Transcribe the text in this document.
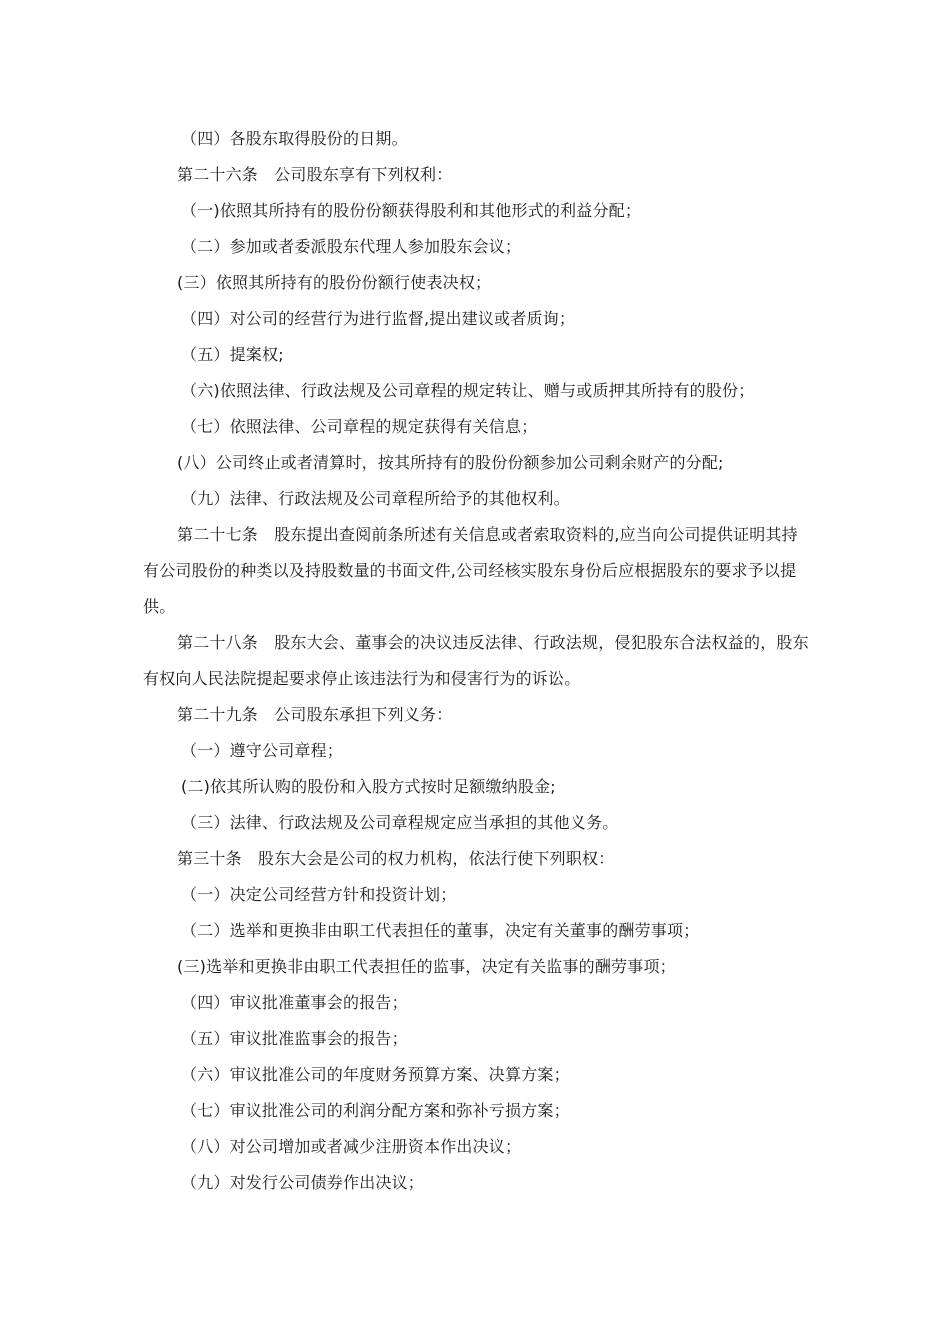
（四）各股东取得股份的日期。
第二十六条　公司股东享有下列权利：
（一)依照其所持有的股份份额获得股利和其他形式的利益分配；
（二）参加或者委派股东代理人参加股东会议；
(三）依照其所持有的股份份额行使表决权；
（四）对公司的经营行为进行监督,提出建议或者质询；
（五）提案权;
（六)依照法律、行政法规及公司章程的规定转让、赠与或质押其所持有的股份；
（七）依照法律、公司章程的规定获得有关信息；
(八）公司终止或者清算时，按其所持有的股份份额参加公司剩余财产的分配;
（九）法律、行政法规及公司章程所给予的其他权利。
第二十七条　股东提出查阅前条所述有关信息或者索取资料的,应当向公司提供证明其持有公司股份的种类以及持股数量的书面文件,公司经核实股东身份后应根据股东的要求予以提供。
第二十八条　股东大会、董事会的决议违反法律、行政法规，侵犯股东合法权益的，股东有权向人民法院提起要求停止该违法行为和侵害行为的诉讼。
第二十九条　公司股东承担下列义务：
（一）遵守公司章程；
(二)依其所认购的股份和入股方式按时足额缴纳股金;
（三）法律、行政法规及公司章程规定应当承担的其他义务。
第三十条　股东大会是公司的权力机构，依法行使下列职权：
（一）决定公司经营方针和投资计划；
（二）选举和更换非由职工代表担任的董事，决定有关董事的酬劳事项；
(三)选举和更换非由职工代表担任的监事，决定有关监事的酬劳事项；
（四）审议批准董事会的报告；
（五）审议批准监事会的报告；
（六）审议批准公司的年度财务预算方案、决算方案；
（七）审议批准公司的利润分配方案和弥补亏损方案；
（八）对公司增加或者减少注册资本作出决议；
（九）对发行公司债券作出决议；
